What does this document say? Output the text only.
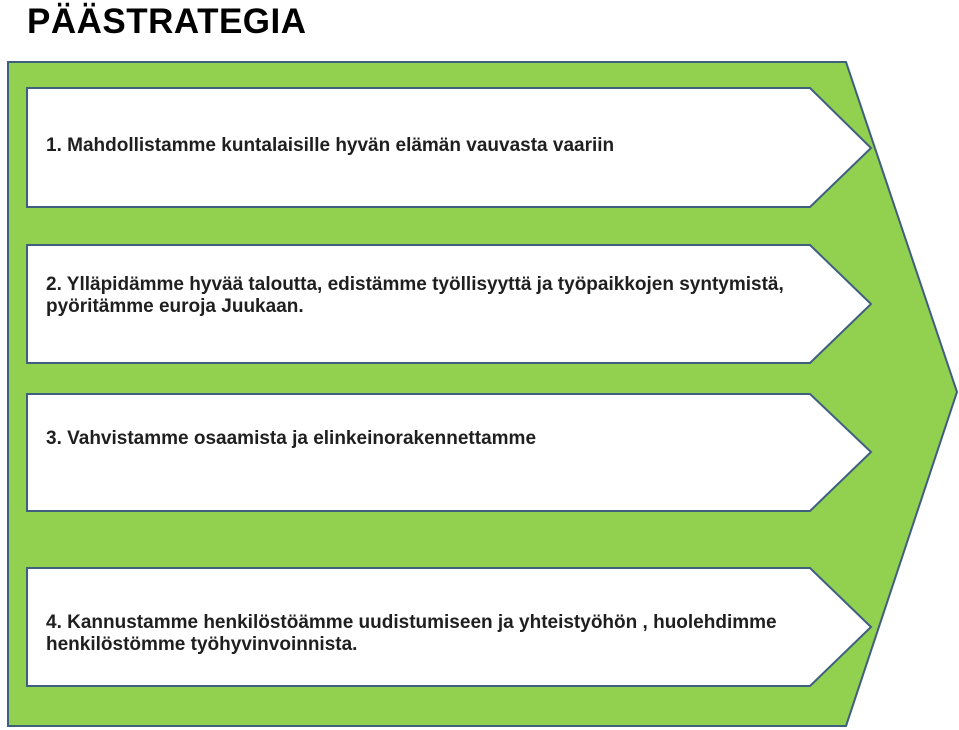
PÄÄSTRATEGIA

1. Mahdollistamme kuntalaisille hyvän elämän vauvasta vaariin

2. Ylläpidämme hyvää taloutta, edistämme työllisyyttä ja työpaikkojen syntymistä, pyöritämme euroja Juukaan.

3. Vahvistamme osaamista ja elinkeinorakennettamme

4. Kannustamme henkilöstöämme uudistumiseen ja yhteistyöhön , huolehdimme henkilöstömme työhyvinvoinnista.
